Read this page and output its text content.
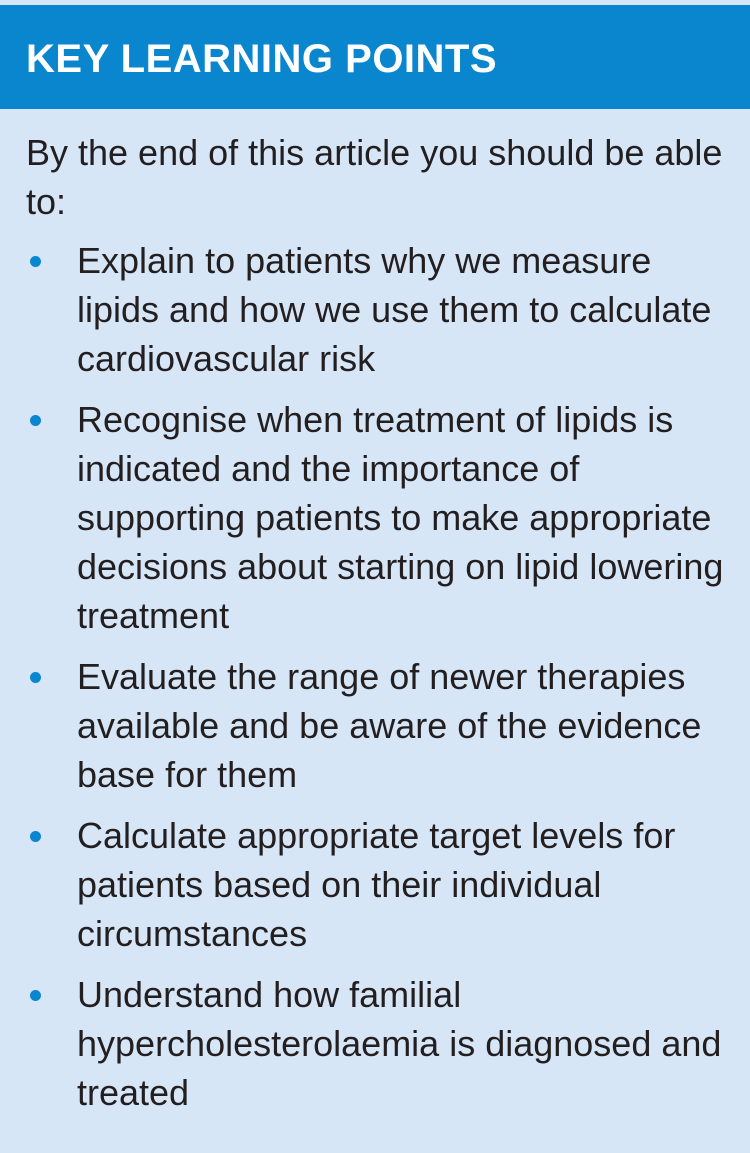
KEY LEARNING POINTS

By the end of this article you should be able to:

Explain to patients why we measure lipids and how we use them to calculate cardiovascular risk
Recognise when treatment of lipids is indicated and the importance of supporting patients to make appropriate decisions about starting on lipid lowering treatment
Evaluate the range of newer therapies available and be aware of the evidence base for them
Calculate appropriate target levels for patients based on their individual circumstances
Understand how familial hypercholesterolaemia is diagnosed and treated
